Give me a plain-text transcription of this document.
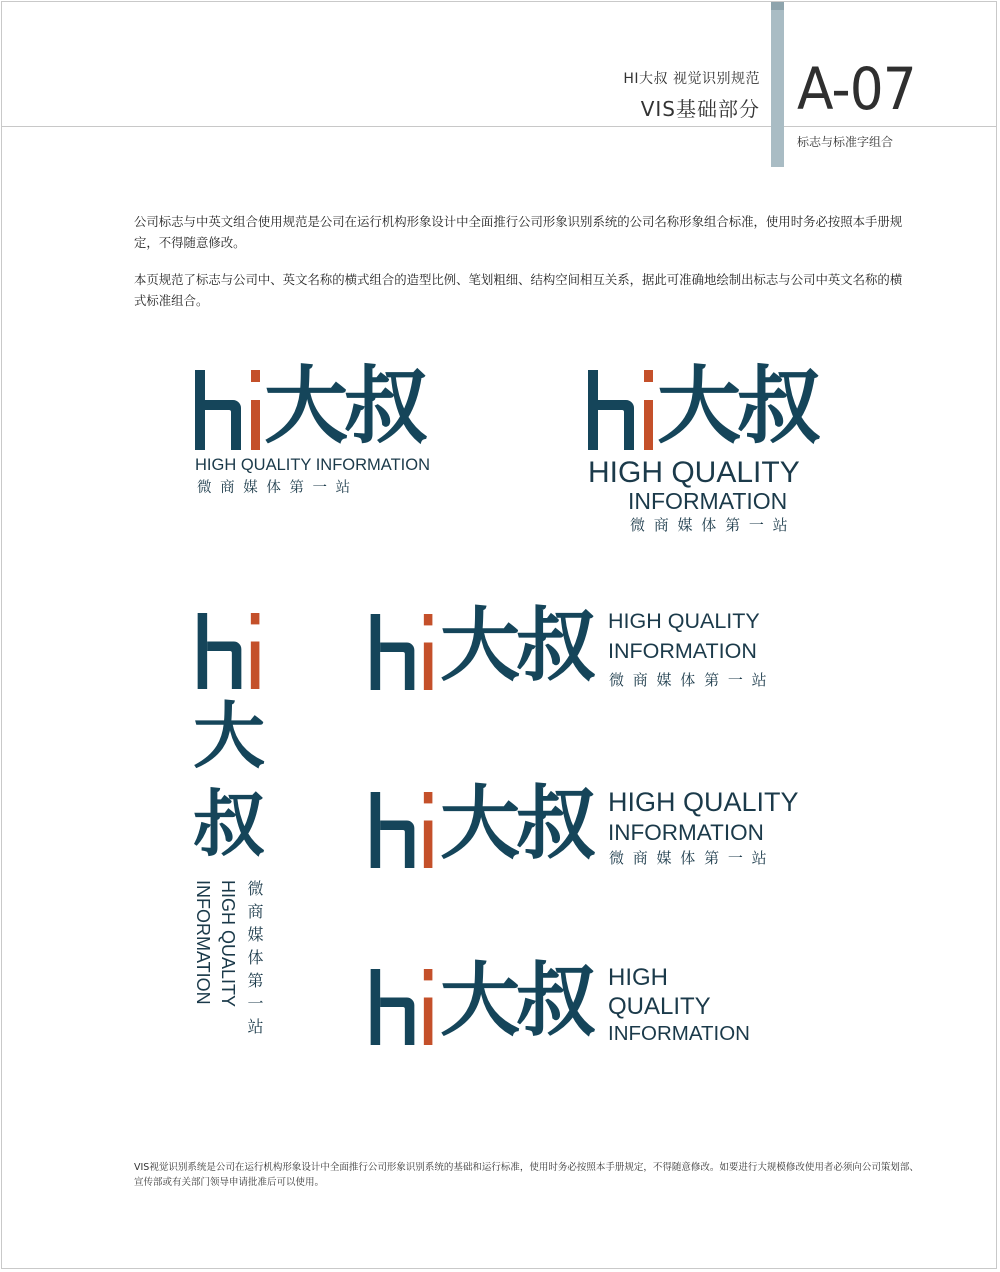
HI大叔 视觉识别规范
VIS基础部分 A-07
标志与标准字组合
公司标志与中英文组合使用规范是公司在运行机构形象设计中全面推行公司形象识别系统的公司名称形象组合标准，使用时务必按照本手册规定，不得随意修改。
本页规范了标志与公司中、英文名称的横式组合的造型比例、笔划粗细、结构空间相互关系，据此可准确地绘制出标志与公司中英文名称的横式标准组合。
大叔
HIGH QUALITY INFORMATION
微 商 媒 体 第 一 站
大叔
HIGH QUALITY
INFORMATION
微 商 媒 体 第 一 站
大
叔
INFORMATION HIGH QUALITY 微商媒体第一站
大叔 HIGH QUALITY
INFORMATION
微 商 媒 体 第 一 站
大叔 HIGH QUALITY
INFORMATION
微 商 媒 体 第 一 站
大叔 HIGH
QUALITY
INFORMATION
VIS视觉识别系统是公司在运行机构形象设计中全面推行公司形象识别系统的基础和运行标准，使用时务必按照本手册规定，不得随意修改。如要进行大规模修改使用者必须向公司策划部、宣传部或有关部门领导申请批准后可以使用。
